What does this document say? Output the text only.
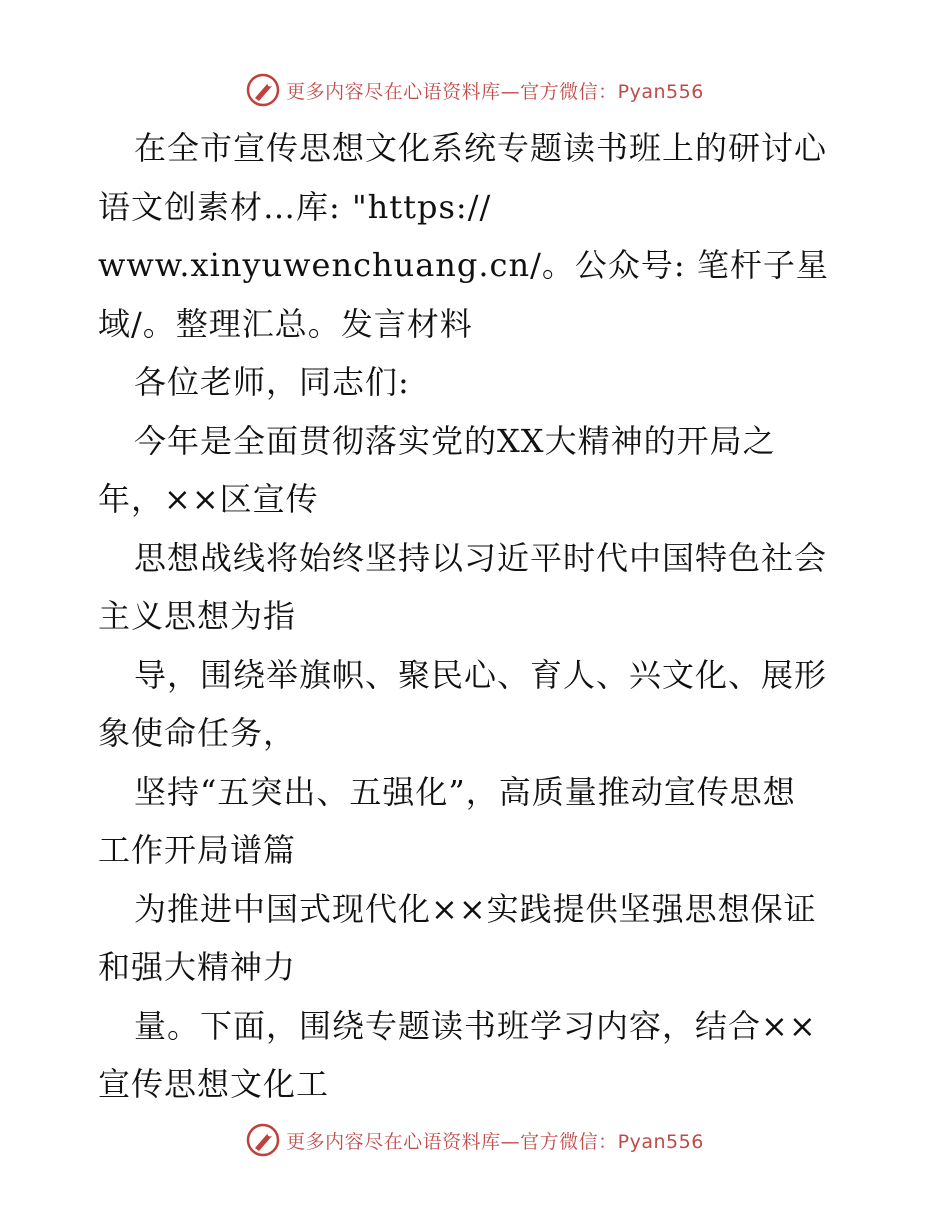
更多内容尽在心语资料库—官方微信：Pyan556
在全市宣传思想文化系统专题读书班上的研讨心
语文创素材…库: "https://
www.xinyuwenchuang.cn/。公众号: 笔杆子星
域/。整理汇总。发言材料
各位老师，同志们:
今年是全面贯彻落实党的XX大精神的开局之
年，××区宣传
思想战线将始终坚持以习近平时代中国特色社会
主义思想为指
导，围绕举旗帜、聚民心、育人、兴文化、展形
象使命任务，
坚持“五突出、五强化”，高质量推动宣传思想
工作开局谱篇
为推进中国式现代化××实践提供坚强思想保证
和强大精神力
量。下面，围绕专题读书班学习内容，结合××
宣传思想文化工
更多内容尽在心语资料库—官方微信：Pyan556
